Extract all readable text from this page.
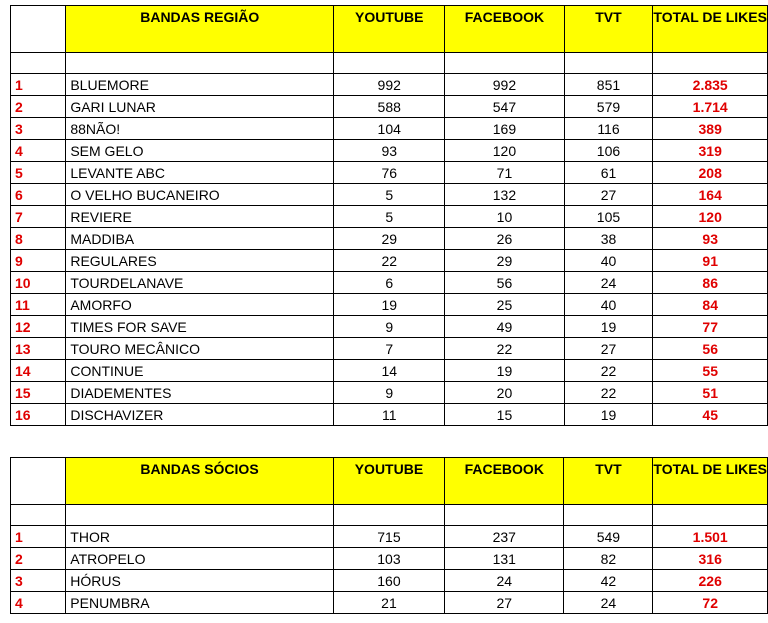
	BANDAS REGIÃO	YOUTUBE	FACEBOOK	TVT	TOTAL DE LIKES

1	BLUEMORE	992	992	851	2.835
2	GARI LUNAR	588	547	579	1.714
3	88NÃO!	104	169	116	389
4	SEM GELO	93	120	106	319
5	LEVANTE ABC	76	71	61	208
6	O VELHO BUCANEIRO	5	132	27	164
7	REVIERE	5	10	105	120
8	MADDIBA	29	26	38	93
9	REGULARES	22	29	40	91
10	TOURDELANAVE	6	56	24	86
11	AMORFO	19	25	40	84
12	TIMES FOR SAVE	9	49	19	77
13	TOURO MECÂNICO	7	22	27	56
14	CONTINUE	14	19	22	55
15	DIADEMENTES	9	20	22	51
16	DISCHAVIZER	11	15	19	45
	BANDAS SÓCIOS	YOUTUBE	FACEBOOK	TVT	TOTAL DE LIKES

1	THOR	715	237	549	1.501
2	ATROPELO	103	131	82	316
3	HÓRUS	160	24	42	226
4	PENUMBRA	21	27	24	72
